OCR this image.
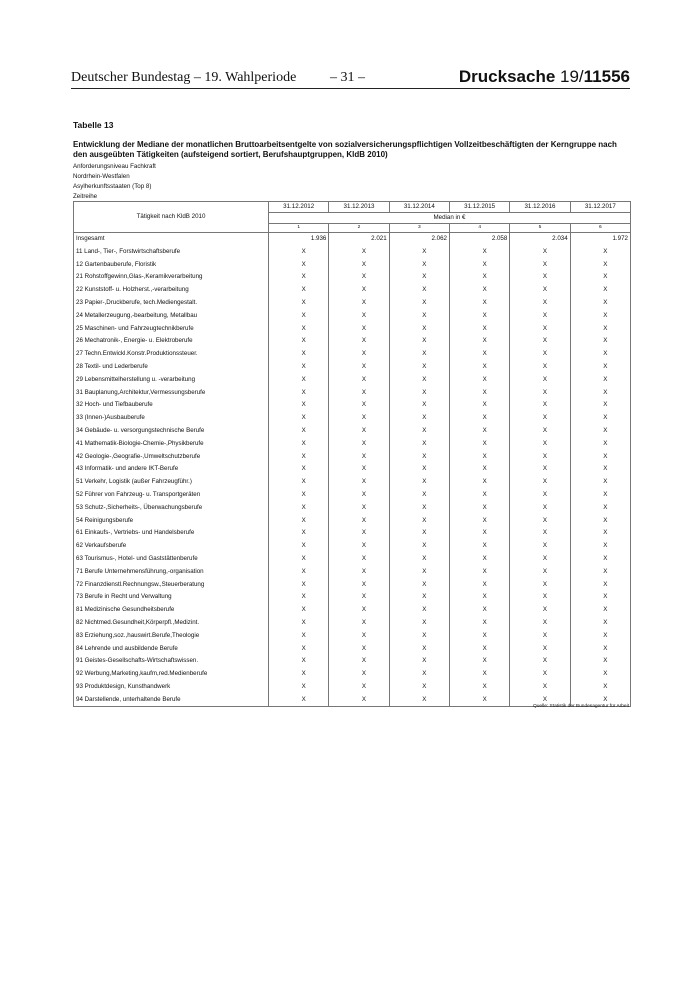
Deutscher Bundestag – 19. Wahlperiode – 31 –	Drucksache 19/11556
Tabelle 13
Entwicklung der Mediane der monatlichen Bruttoarbeitsentgelte von sozialversicherungspflichtigen Vollzeitbeschäftigten der Kerngruppe nach den ausgeübten Tätigkeiten (aufsteigend sortiert, Berufshauptgruppen, KldB 2010)
Anforderungsniveau Fachkraft
Nordrhein-Westfalen
Asylherkunftsstaaten (Top 8)
Zeitreihe
Tätigkeit nach KldB 2010	31.12.2012	31.12.2013	31.12.2014	31.12.2015	31.12.2016	31.12.2017
	Median in €					
	1	2	3	4	5	6
Insgesamt	1.936	2.021	2.062	2.058	2.034	1.972
11 Land-, Tier-, Forstwirtschaftsberufe	X	X	X	X	X	X
12 Gartenbauberufe, Floristik	X	X	X	X	X	X
21 Rohstoffgewinn,Glas-,Keramikverarbeitung	X	X	X	X	X	X
22 Kunststoff- u. Holzherst.,-verarbeitung	X	X	X	X	X	X
23 Papier-,Druckberufe, tech.Mediengestalt.	X	X	X	X	X	X
24 Metallerzeugung,-bearbeitung, Metallbau	X	X	X	X	X	X
25 Maschinen- und Fahrzeugtechnikberufe	X	X	X	X	X	X
26 Mechatronik-, Energie- u. Elektroberufe	X	X	X	X	X	X
27 Techn.Entwickl.Konstr.Produktionssteuer.	X	X	X	X	X	X
28 Textil- und Lederberufe	X	X	X	X	X	X
29 Lebensmittelherstellung u. -verarbeitung	X	X	X	X	X	X
31 Bauplanung,Architektur,Vermessungsberufe	X	X	X	X	X	X
32 Hoch- und Tiefbauberufe	X	X	X	X	X	X
33 (Innen-)Ausbauberufe	X	X	X	X	X	X
34 Gebäude- u. versorgungstechnische Berufe	X	X	X	X	X	X
41 Mathematik-Biologie-Chemie-,Physikberufe	X	X	X	X	X	X
42 Geologie-,Geografie-,Umweltschutzberufe	X	X	X	X	X	X
43 Informatik- und andere IKT-Berufe	X	X	X	X	X	X
51 Verkehr, Logistik (außer Fahrzeugführ.)	X	X	X	X	X	X
52 Führer von Fahrzeug- u. Transportgeräten	X	X	X	X	X	X
53 Schutz-,Sicherheits-, Überwachungsberufe	X	X	X	X	X	X
54 Reinigungsberufe	X	X	X	X	X	X
61 Einkaufs-, Vertriebs- und Handelsberufe	X	X	X	X	X	X
62 Verkaufsberufe	X	X	X	X	X	X
63 Tourismus-, Hotel- und Gaststättenberufe	X	X	X	X	X	X
71 Berufe Unternehmensführung,-organisation	X	X	X	X	X	X
72 Finanzdienstl.Rechnungsw.,Steuerberatung	X	X	X	X	X	X
73 Berufe in Recht und Verwaltung	X	X	X	X	X	X
81 Medizinische Gesundheitsberufe	X	X	X	X	X	X
82 Nichtmed.Gesundheit,Körperpfl.,Medizint.	X	X	X	X	X	X
83 Erziehung,soz.,hauswirt.Berufe,Theologie	X	X	X	X	X	X
84 Lehrende und ausbildende Berufe	X	X	X	X	X	X
91 Geistes-Gesellschafts-Wirtschaftswissen.	X	X	X	X	X	X
92 Werbung,Marketing,kaufm,red.Medienberufe	X	X	X	X	X	X
93 Produktdesign, Kunsthandwerk	X	X	X	X	X	X
94 Darstellende, unterhaltende Berufe	X	X	X	X	X	X
Quelle: Statistik der Bundesagentur für Arbeit
